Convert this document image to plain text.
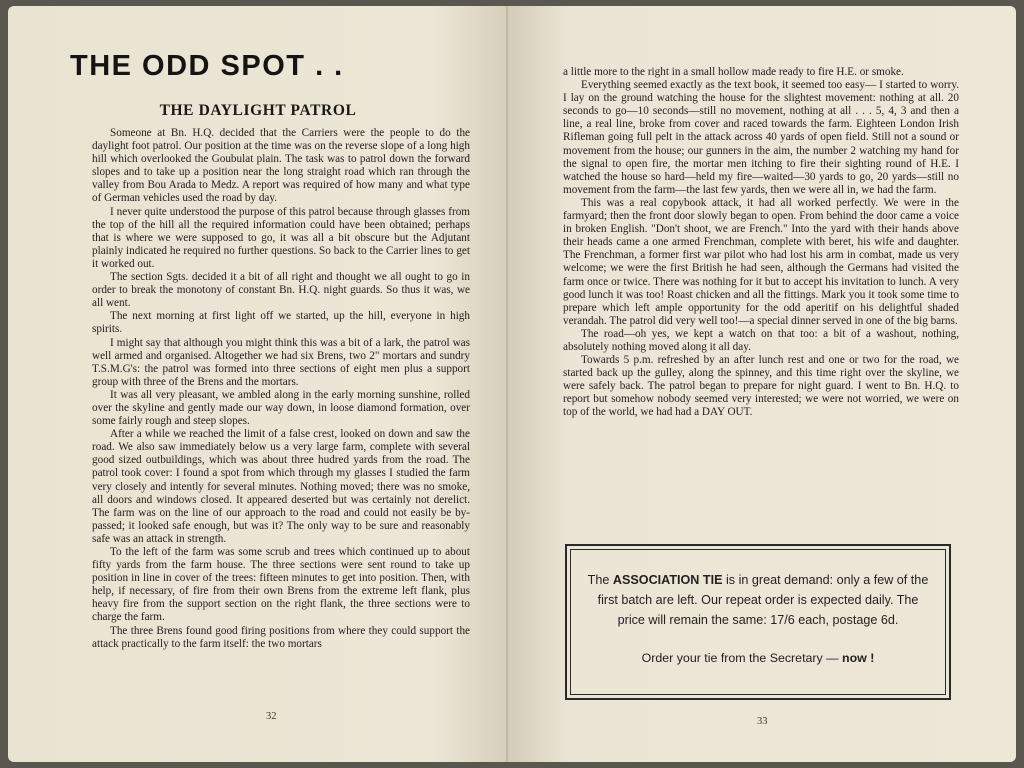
THE ODD SPOT . .
THE DAYLIGHT PATROL

Someone at Bn. H.Q. decided that the Carriers were the people to do the daylight foot patrol. Our position at the time was on the reverse slope of a long high hill which overlooked the Goubulat plain. The task was to patrol down the forward slopes and to take up a position near the long straight road which ran through the valley from Bou Arada to Medz. A report was required of how many and what type of German vehicles used the road by day.

I never quite understood the purpose of this patrol because through glasses from the top of the hill all the required information could have been obtained; perhaps that is where we were supposed to go, it was all a bit obscure but the Adjutant plainly indicated he required no further questions. So back to the Carrier lines to get it worked out.

The section Sgts. decided it a bit of all right and thought we all ought to go in order to break the monotony of constant Bn. H.Q. night guards. So thus it was, we all went.

The next morning at first light off we started, up the hill, everyone in high spirits.

I might say that although you might think this was a bit of a lark, the patrol was well armed and organised. Altogether we had six Brens, two 2" mortars and sundry T.S.M.G's: the patrol was formed into three sections of eight men plus a support group with three of the Brens and the mortars.

It was all very pleasant, we ambled along in the early morning sunshine, rolled over the skyline and gently made our way down, in loose diamond formation, over some fairly rough and steep slopes.

After a while we reached the limit of a false crest, looked on down and saw the road. We also saw immediately below us a very large farm, complete with several good sized outbuildings, which was about three hudred yards from the road. The patrol took cover: I found a spot from which through my glasses I studied the farm very closely and intently for several minutes. Nothing moved; there was no smoke, all doors and windows closed. It appeared deserted but was certainly not derelict. The farm was on the line of our approach to the road and could not easily be by-passed; it looked safe enough, but was it? The only way to be sure and reasonably safe was an attack in strength.

To the left of the farm was some scrub and trees which continued up to about fifty yards from the farm house. The three sections were sent round to take up position in line in cover of the trees: fifteen minutes to get into position. Then, with help, if necessary, of fire from their own Brens from the extreme left flank, plus heavy fire from the support section on the right flank, the three sections were to charge the farm.

The three Brens found good firing positions from where they could support the attack practically to the farm itself: the two mortars

32

a little more to the right in a small hollow made ready to fire H.E. or smoke.

Everything seemed exactly as the text book, it seemed too easy— I started to worry. I lay on the ground watching the house for the slightest movement: nothing at all. 20 seconds to go—10 seconds—still no movement, nothing at all . . . 5, 4, 3 and then a line, a real line, broke from cover and raced towards the farm. Eighteen London Irish Rifleman going full pelt in the attack across 40 yards of open field. Still not a sound or movement from the house; our gunners in the aim, the number 2 watching my hand for the signal to open fire, the mortar men itching to fire their sighting round of H.E. I watched the house so hard—held my fire—waited—30 yards to go, 20 yards—still no movement from the farm—the last few yards, then we were all in, we had the farm.

This was a real copybook attack, it had all worked perfectly. We were in the farmyard; then the front door slowly began to open. From behind the door came a voice in broken English. "Don't shoot, we are French." Into the yard with their hands above their heads came a one armed Frenchman, complete with beret, his wife and daughter. The Frenchman, a former first war pilot who had lost his arm in combat, made us very welcome; we were the first British he had seen, although the Germans had visited the farm once or twice. There was nothing for it but to accept his invitation to lunch. A very good lunch it was too! Roast chicken and all the fittings. Mark you it took some time to prepare which left ample opportunity for the odd aperitif on his delightful shaded verandah. The patrol did very well too!—a special dinner served in one of the big barns.

The road—oh yes, we kept a watch on that too: a bit of a washout, nothing, absolutely nothing moved along it all day.

Towards 5 p.m. refreshed by an after lunch rest and one or two for the road, we started back up the gulley, along the spinney, and this time right over the skyline, we were safely back. The patrol began to prepare for night guard. I went to Bn. H.Q. to report but somehow nobody seemed very interested; we were not worried, we were on top of the world, we had had a DAY OUT.

The ASSOCIATION TIE is in great demand: only a few of the first batch are left. Our repeat order is expected daily. The price will remain the same: 17/6 each, postage 6d.
Order your tie from the Secretary — now !
33
